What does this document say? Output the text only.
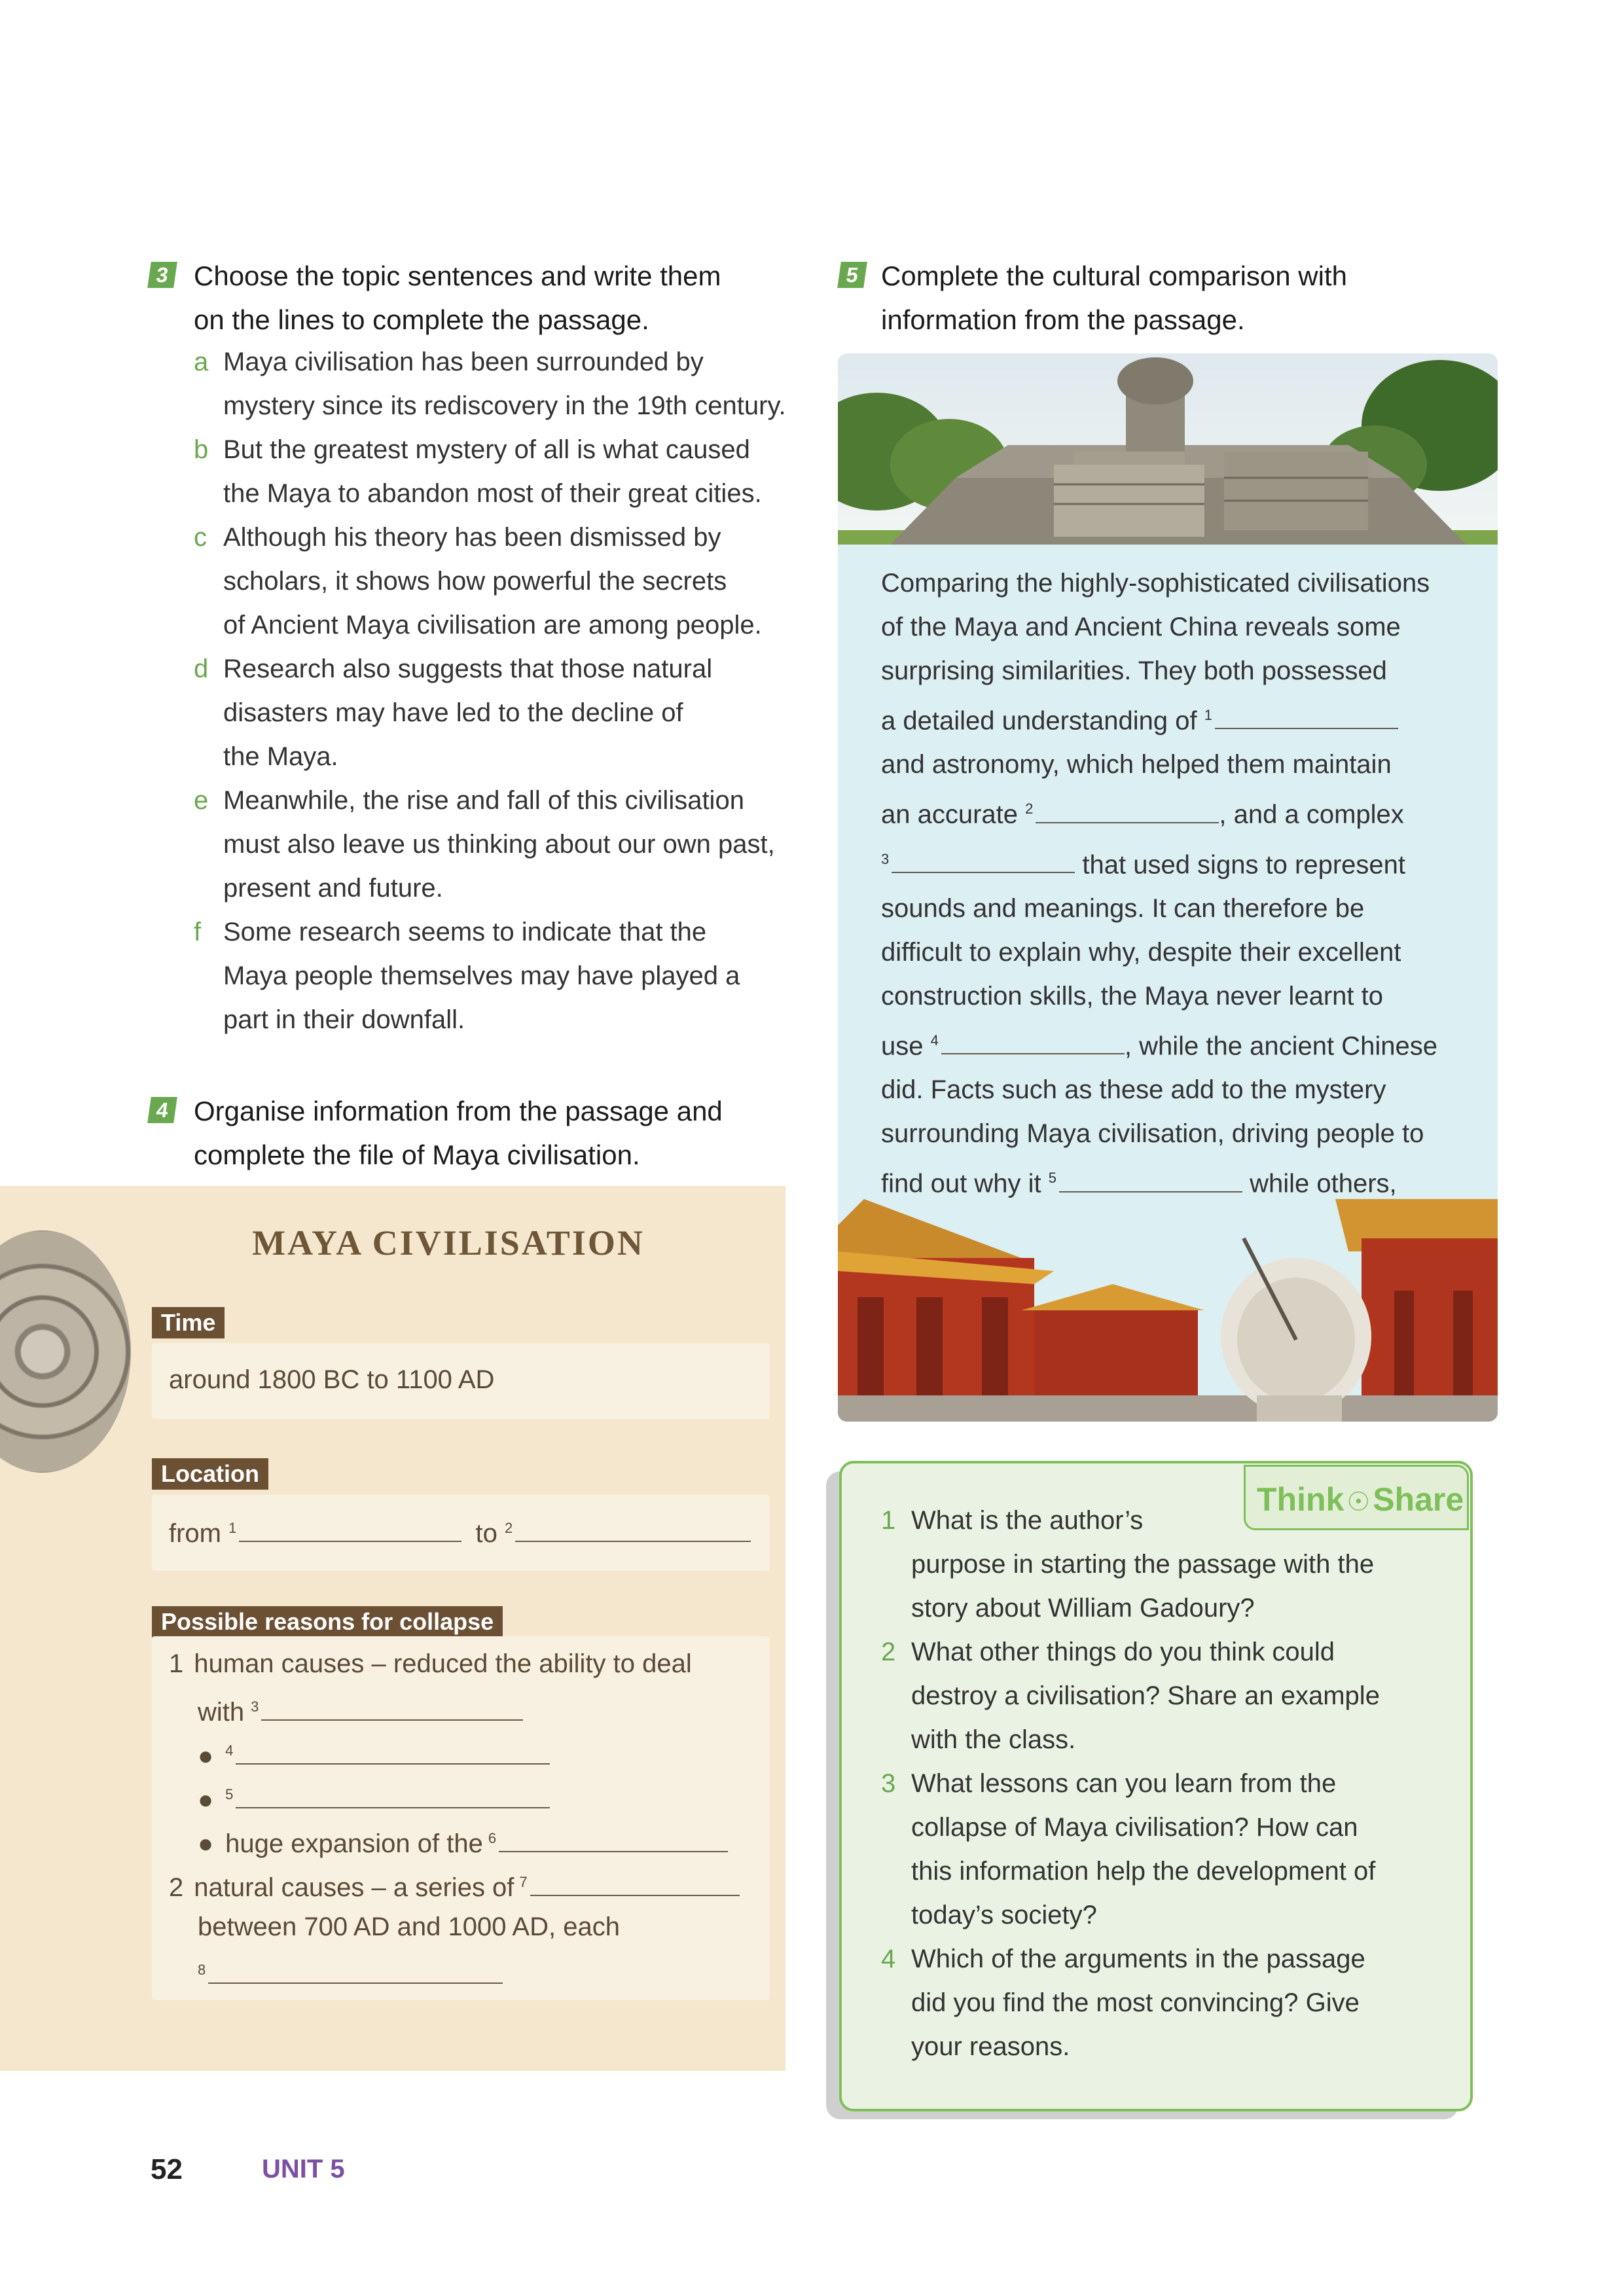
3 Choose the topic sentences and write them
on the lines to complete the passage.
a Maya civilisation has been surrounded by
mystery since its rediscovery in the 19th century.
b But the greatest mystery of all is what caused
the Maya to abandon most of their great cities.
c Although his theory has been dismissed by
scholars, it shows how powerful the secrets
of Ancient Maya civilisation are among people.
d Research also suggests that those natural
disasters may have led to the decline of
the Maya.
e Meanwhile, the rise and fall of this civilisation
must also leave us thinking about our own past,
present and future.
f Some research seems to indicate that the
Maya people themselves may have played a
part in their downfall.
4 Organise information from the passage and
complete the file of Maya civilisation.
MAYA CIVILISATION
Time
around 1800 BC to 1100 AD
Location
from $^1$	to $^2$
Possible reasons for collapse
1 human causes – reduced the ability to deal
with $^3$
● $^4$
● $^5$
● huge expansion of the $^6$
2 natural causes – a series of $^7$
between 700 AD and 1000 AD, each
$^8$
5 Complete the cultural comparison with
information from the passage.
Comparing the highly-sophisticated civilisations
of the Maya and Ancient China reveals some
surprising similarities. They both possessed
a detailed understanding of $^1$
and astronomy, which helped them maintain
an accurate $^2$	, and a complex
$^3$	that used signs to represent
sounds and meanings. It can therefore be
difficult to explain why, despite their excellent
construction skills, the Maya never learnt to
use $^4$	, while the ancient Chinese
did. Facts such as these add to the mystery
surrounding Maya civilisation, driving people to
find out why it $^5$	while others,
Think ☉Share
1 What is the author’s
purpose in starting the passage with the
story about William Gadoury?
2 What other things do you think could
destroy a civilisation? Share an example
with the class.
3 What lessons can you learn from the
collapse of Maya civilisation? How can
this information help the development of
today’s society?
4 Which of the arguments in the passage
did you find the most convincing? Give
your reasons.
52	UNIT 5
